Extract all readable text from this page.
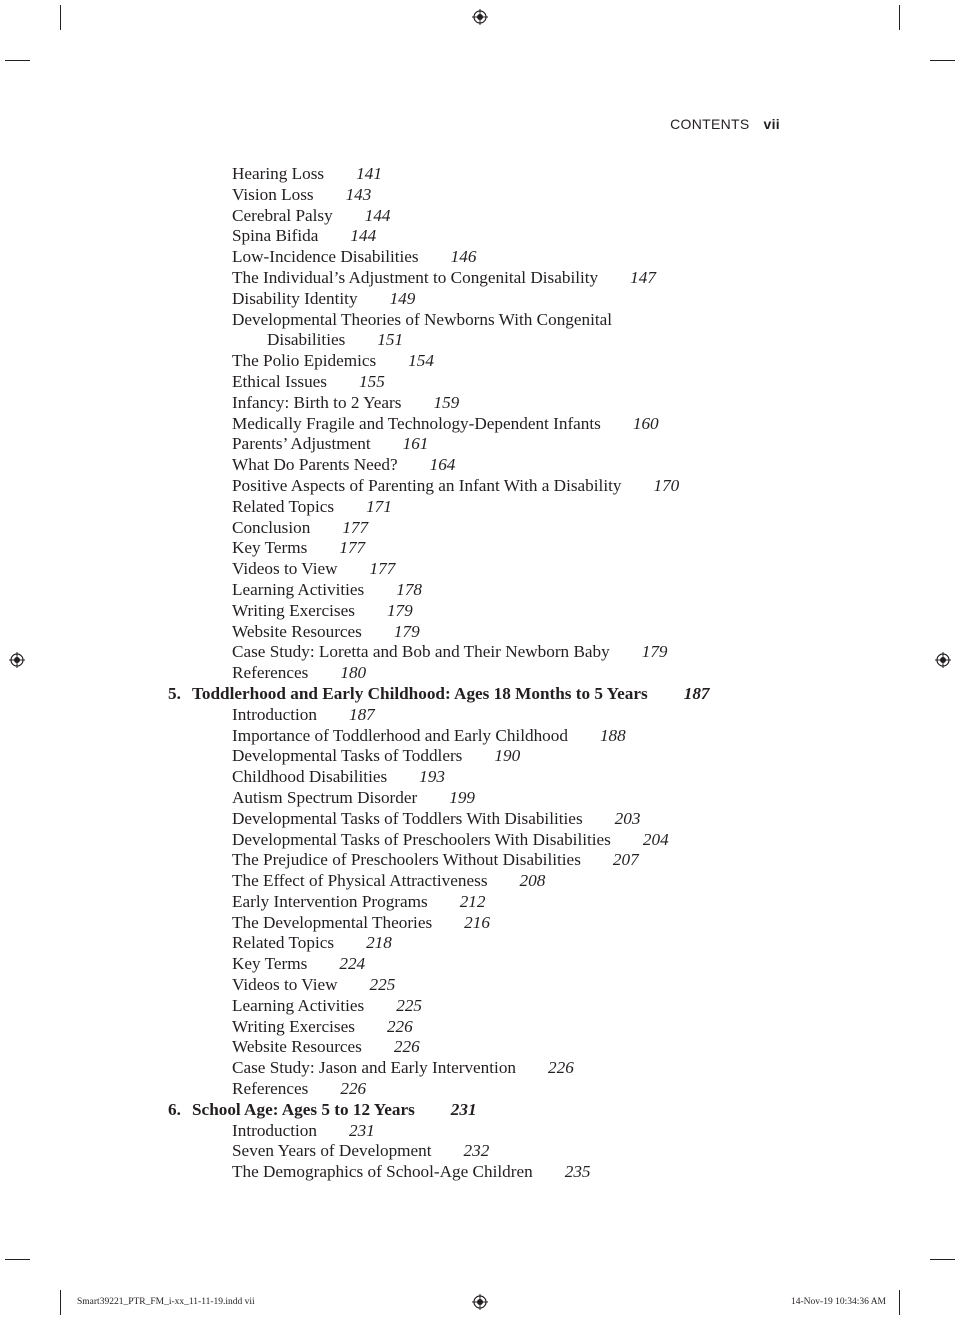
CONTENTS vii
Hearing Loss 141
Vision Loss 143
Cerebral Palsy 144
Spina Bifida 144
Low-Incidence Disabilities 146
The Individual’s Adjustment to Congenital Disability 147
Disability Identity 149
Developmental Theories of Newborns With Congenital
Disabilities 151
The Polio Epidemics 154
Ethical Issues 155
Infancy: Birth to 2 Years 159
Medically Fragile and Technology-Dependent Infants 160
Parents’ Adjustment 161
What Do Parents Need? 164
Positive Aspects of Parenting an Infant With a Disability 170
Related Topics 171
Conclusion 177
Key Terms 177
Videos to View 177
Learning Activities 178
Writing Exercises 179
Website Resources 179
Case Study: Loretta and Bob and Their Newborn Baby 179
References 180
5. Toddlerhood and Early Childhood: Ages 18 Months to 5 Years 187
Introduction 187
Importance of Toddlerhood and Early Childhood 188
Developmental Tasks of Toddlers 190
Childhood Disabilities 193
Autism Spectrum Disorder 199
Developmental Tasks of Toddlers With Disabilities 203
Developmental Tasks of Preschoolers With Disabilities 204
The Prejudice of Preschoolers Without Disabilities 207
The Effect of Physical Attractiveness 208
Early Intervention Programs 212
The Developmental Theories 216
Related Topics 218
Key Terms 224
Videos to View 225
Learning Activities 225
Writing Exercises 226
Website Resources 226
Case Study: Jason and Early Intervention 226
References 226
6. School Age: Ages 5 to 12 Years 231
Introduction 231
Seven Years of Development 232
The Demographics of School-Age Children 235
Smart39221_PTR_FM_i-xx_11-11-19.indd vii	14-Nov-19 10:34:36 AM
